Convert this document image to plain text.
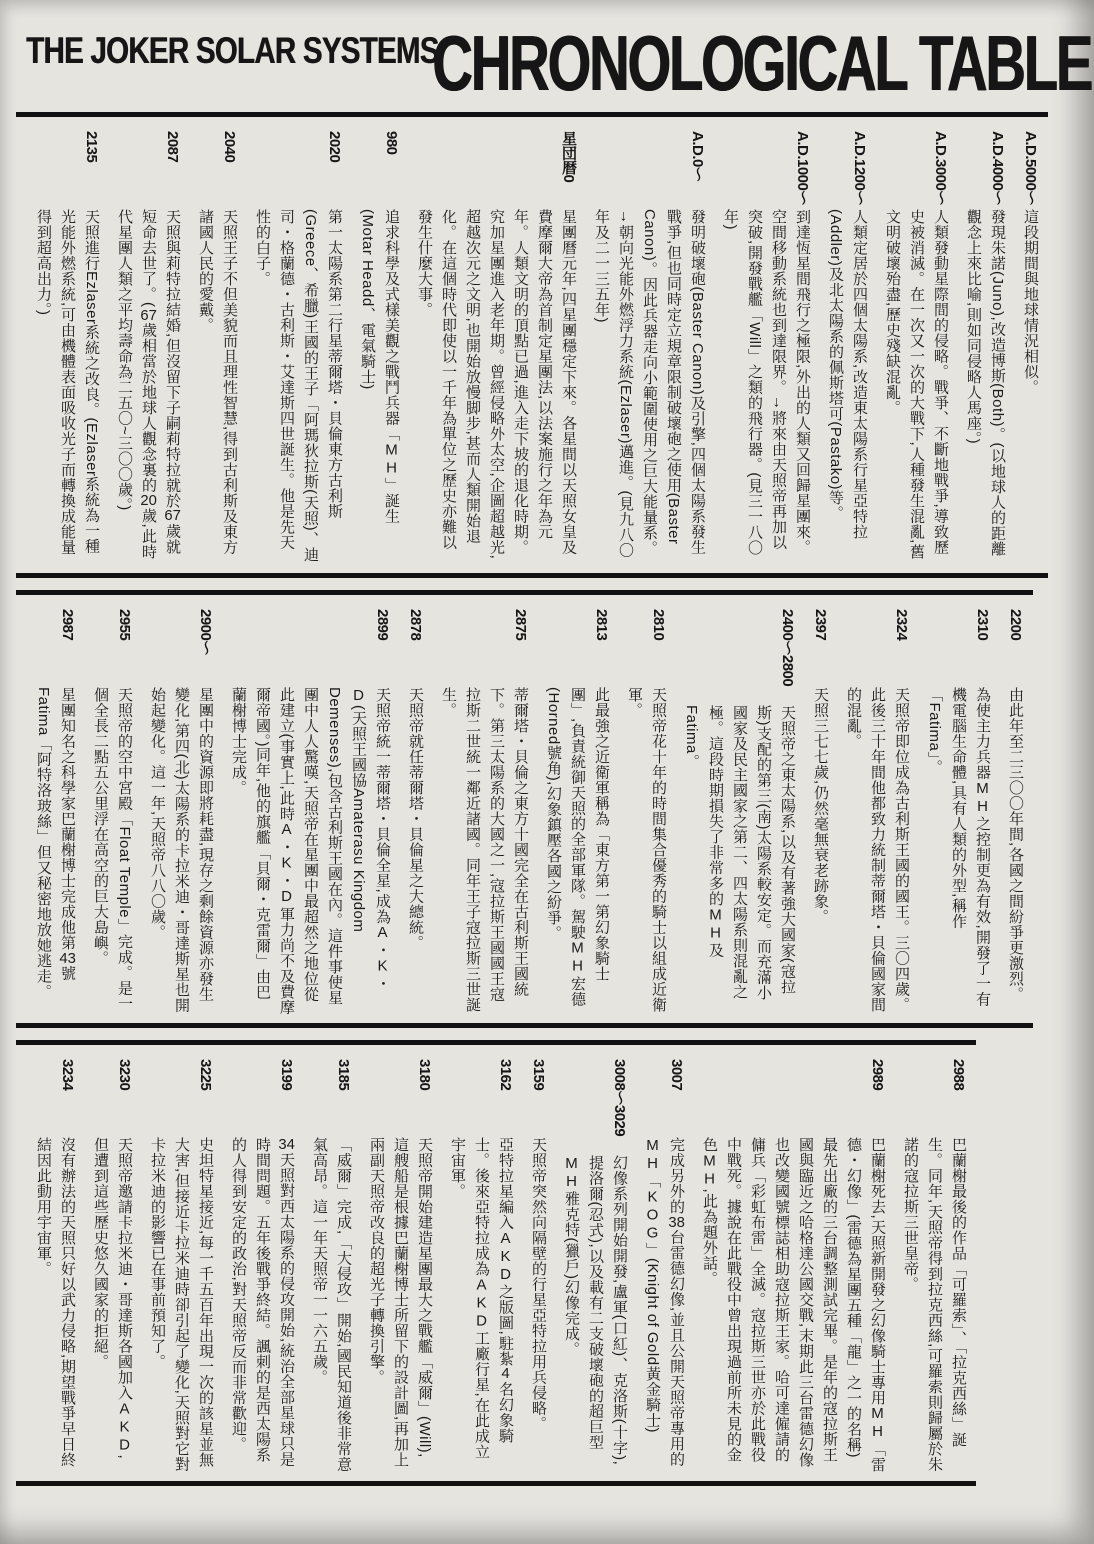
THE JOKER SOLAR SYSTEMS
CHRONOLOGICAL TABLE
A.D.5000〜
這段期間與地球情況相似。
A.D.4000〜
發現朱諾(Juno),改造博斯(Both)。(以地球人的距離觀念上來比喻,則如同侵略人馬座。)
A.D.3000〜
人類發動星際間的侵略。戰爭、不斷地戰爭,導致歷史被消滅。在一次又一次的大戰下,人種發生混亂,舊文明破壞殆盡,歷史殘缺混亂。
A.D.1200〜
人類定居於四個太陽系,改造東太陽系行星亞特拉(Addler)及北太陽系的佩斯塔可(Pastako)等。
A.D.1000〜
到達恆星間飛行之極限,外出的人類又回歸星團來。空間移動系統也到達限界。→將來由天照帝再加以突破,開發戰艦「Will」之類的飛行器。(見三一八〇年)
A.D.0〜
發明破壞砲(Baster Canon)及引擎,四個太陽系發生戰爭,但也同時定立規章限制破壞砲之使用(Baster Canon)。因此兵器走向小範圍使用之巨大能量系。→朝向光能外燃浮力系統(Ezlaser)邁進。(見九八〇年及二一三五年)
星団暦0
星團曆元年,四星團穩定下來。各星間以天照女皇及費摩爾大帝為首制定星團法,以法案施行之年為元年。人類文明的頂點已過,進入走下坡的退化時期。究加星團進入老年期。曾經侵略外太空,企圖超越光,超越次元之文明,也開始放慢脚步,甚而人類開始退化。在這個時代即使以一千年為單位之歷史亦難以發生什麼大事。
980
追求科學及式樣美觀之戰鬥兵器「MH」誕生(Motar Headd、電氣騎士)
2020
第一太陽系第二行星蒂爾塔・貝倫東方古利斯(Greece、希臘)王國的王子「阿瑪狄拉斯(天照)、迪司・格蘭德・古利斯・艾達斯四世誕生。他是先天性的白子。
2040
天照王子不但美貌而且理性智慧,得到古利斯及東方諸國人民的愛戴。
2087
天照與莉特拉結婚,但沒留下子嗣莉特拉就於67歲就短命去世了。(67歲相當於地球人觀念裏的20歲,此時代星團人類之平均壽命為二五〇~三〇〇歲。)
2135
天照進行Ezlaser系統之改良。(Ezlaser系統為一種光能外燃系統,可由機體表面吸收光子而轉換成能量得到超高出力。)
2200
由此年至二三〇〇年間,各國之間紛爭更激烈。
2310
為使主力兵器MH之控制更為有效,開發了一有機電腦生命體,具有人類的外型,稱作「Fatima」。
2324
天照帝即位成為古利斯王國的國王。三〇四歲。此後三十年間他都致力統制蒂爾塔・貝倫國家間的混亂。
2397
天照三七七歲,仍然毫無衰老跡象。
2400〜2800
天照帝之東太陽系,以及有著強大國家(寇拉斯)支配的第三(南)太陽系較安定。而充滿小國家及民主國家之第二、四太陽系則混亂之極。這段時期損失了非常多的MH及Fatima。
2810
天照帝花十年的時間集合優秀的騎士以組成近衛軍。
2813
此最強之近衛軍稱為「東方第一第幻象騎士團」,負責統御天照的全部軍隊。駕駛MH宏德(Horned號角),幻象鎮壓各國之紛爭。
2875
蒂爾塔・貝倫之東方十國完全在古利斯王國統下。第三太陽系的大國之一,寇拉斯王國國王寇拉斯二世統一鄰近諸國。同年王子寇拉斯三世誕生。
2878
天照帝就任蒂爾塔・貝倫星之大總統。
2899
天照帝統一蒂爾塔・貝倫全星,成為A・K・D(天照王國協Amaterasu Kingdom Demenses),包含古利斯王國在內。這件事使星團中人人驚嘆,天照帝在星團中最超然之地位從此建立(事實上,此時A・K・D軍力尚不及費摩爾帝國。)同年,他的旗艦「貝爾・克雷爾」由巴蘭榭博士完成。
2900〜
星團中的資源即將耗盡,現存之剩餘資源亦發生變化,第四(北)太陽系的卡拉米迪・哥達斯星也開始起變化。這一年,天照帝八八〇歲。
2955
天照帝的空中宮殿「Float Temple」完成。是一個全長二點五公里浮在高空的巨大島嶼。
2987
星團知名之科學家巴蘭榭博士完成他第43號Fatima「阿特洛玻絲」但又秘密地放她逃走。
2988
巴蘭榭最後的作品「可羅索」、「拉克西絲」誕生。同年,天照帝得到拉克西絲,可羅索則歸屬於朱諾的寇拉斯三世皇帝。
2989
巴蘭榭死去,天照新開發之幻像騎士專用MH「雷德・幻像」(雷德為星團五種「龍」之一的名稱)最先出廠的三台調整測試完畢。是年的寇拉斯王國與臨近之哈格達公國交戰,末期此三台雷德幻像也改變國號標誌相助寇拉斯王家。哈可達僱請的傭兵「彩虹布雷」全滅。寇拉斯三世亦於此戰役中戰死。據說在此戰役中曾出現過前所未見的金色MH,此為題外話。
3007
完成另外的38台雷德幻像,並且公開天照帝專用的MH「KOG」(Knight of Gold黃金騎士)
3008〜3029
幻像系列開始開發,盧軍(口紅)、克洛斯(十字),提洛爾(忍式),以及載有二支破壞砲的超巨型MH雅克特(獵戶)幻像完成。
3159
天照帝突然向隔壁的行星亞特拉用兵侵略。
3162
亞特拉星編入AKD之版圖,駐紮4名幻象騎士。後來亞特拉成為AKD工廠行星,在此成立宇宙軍。
3180
天照帝開始建造星團最大之戰艦「威爾」(Will),這艘船是根據巴蘭榭博士所留下的設計圖,再加上兩副天照帝改良的超光子轉換引擎。
3185
「威爾」完成,「大侵攻」開始,國民知道後非常意氣高昂。這一年天照帝一一六五歲。
3199
34天照對西太陽系的侵攻開始,統治全部星球只是時間問題。五年後戰爭終結。諷刺的是西太陽系的人得到安定的政治,對天照帝反而非常歡迎。
3225
史坦特星接近,每一千五百年出現一次的該星並無大害,但接近卡拉米迪時卻引起了變化,天照對它對卡拉米迪的影響已在事前預知了。
3230
天照帝邀請卡拉米迪・哥達斯各國加入AKD,但遭到這些歷史悠久國家的拒絕。
3234
沒有辦法的天照只好以武力侵略,期望戰爭早日終結因此動用宇宙軍。
